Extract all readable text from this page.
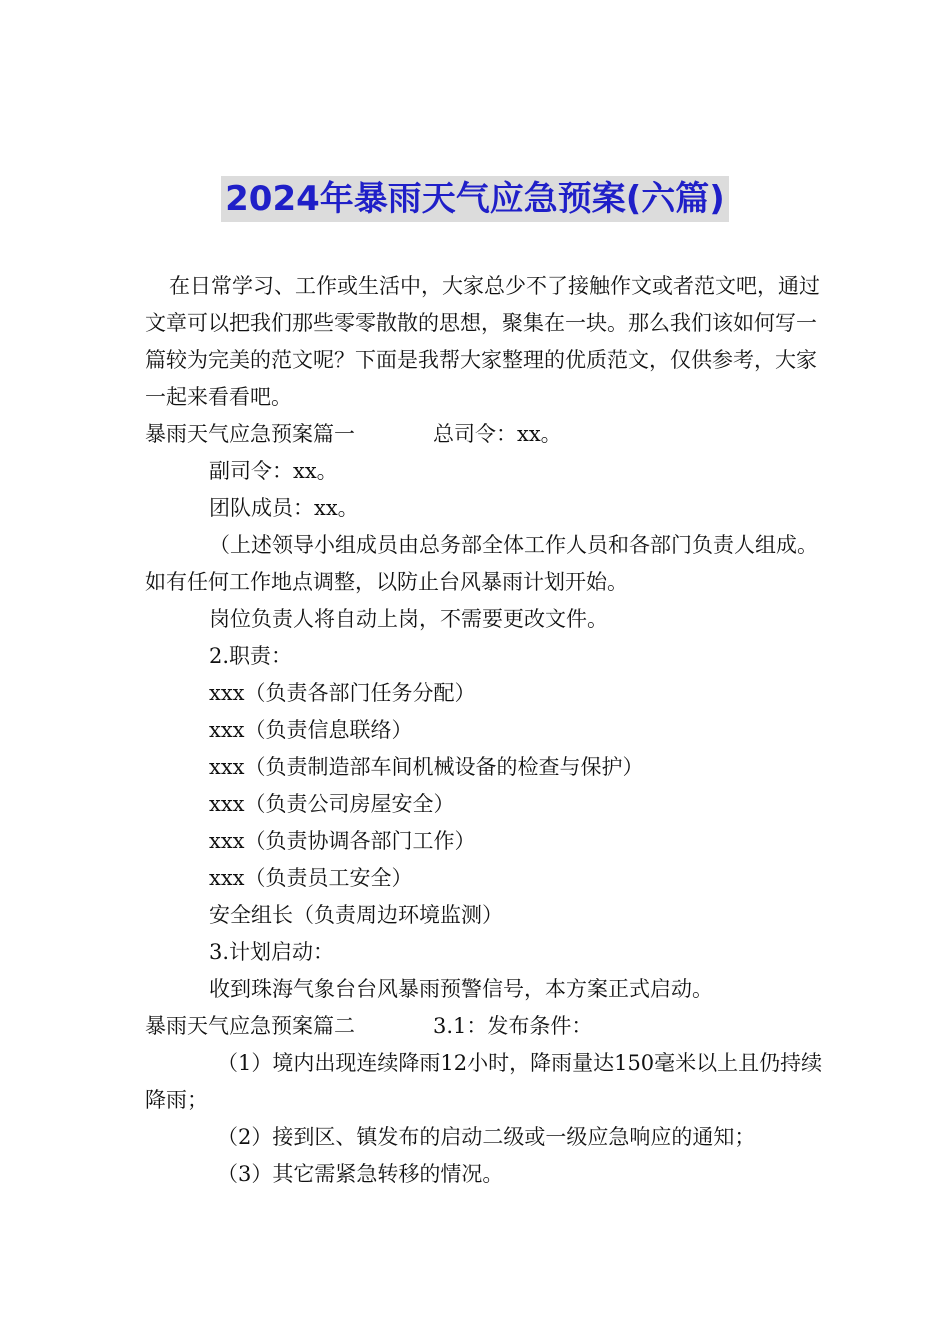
2024年暴雨天气应急预案(六篇)

在日常学习、工作或生活中，大家总少不了接触作文或者范文吧，通过文章可以把我们那些零零散散的思想，聚集在一块。那么我们该如何写一篇较为完美的范文呢？下面是我帮大家整理的优质范文，仅供参考，大家一起来看看吧。

暴雨天气应急预案篇一	总司令：xx。

副司令：xx。

团队成员：xx。

（上述领导小组成员由总务部全体工作人员和各部门负责人组成。如有任何工作地点调整，以防止台风暴雨计划开始。

岗位负责人将自动上岗，不需要更改文件。

2.职责：

xxx（负责各部门任务分配）

xxx（负责信息联络）

xxx（负责制造部车间机械设备的检查与保护）

xxx（负责公司房屋安全）

xxx（负责协调各部门工作）

xxx（负责员工安全）

安全组长（负责周边环境监测）

3.计划启动：

收到珠海气象台台风暴雨预警信号，本方案正式启动。

暴雨天气应急预案篇二	3.1：发布条件：

（1）境内出现连续降雨12小时，降雨量达150毫米以上且仍持续降雨；

（2）接到区、镇发布的启动二级或一级应急响应的通知；

（3）其它需紧急转移的情况。
